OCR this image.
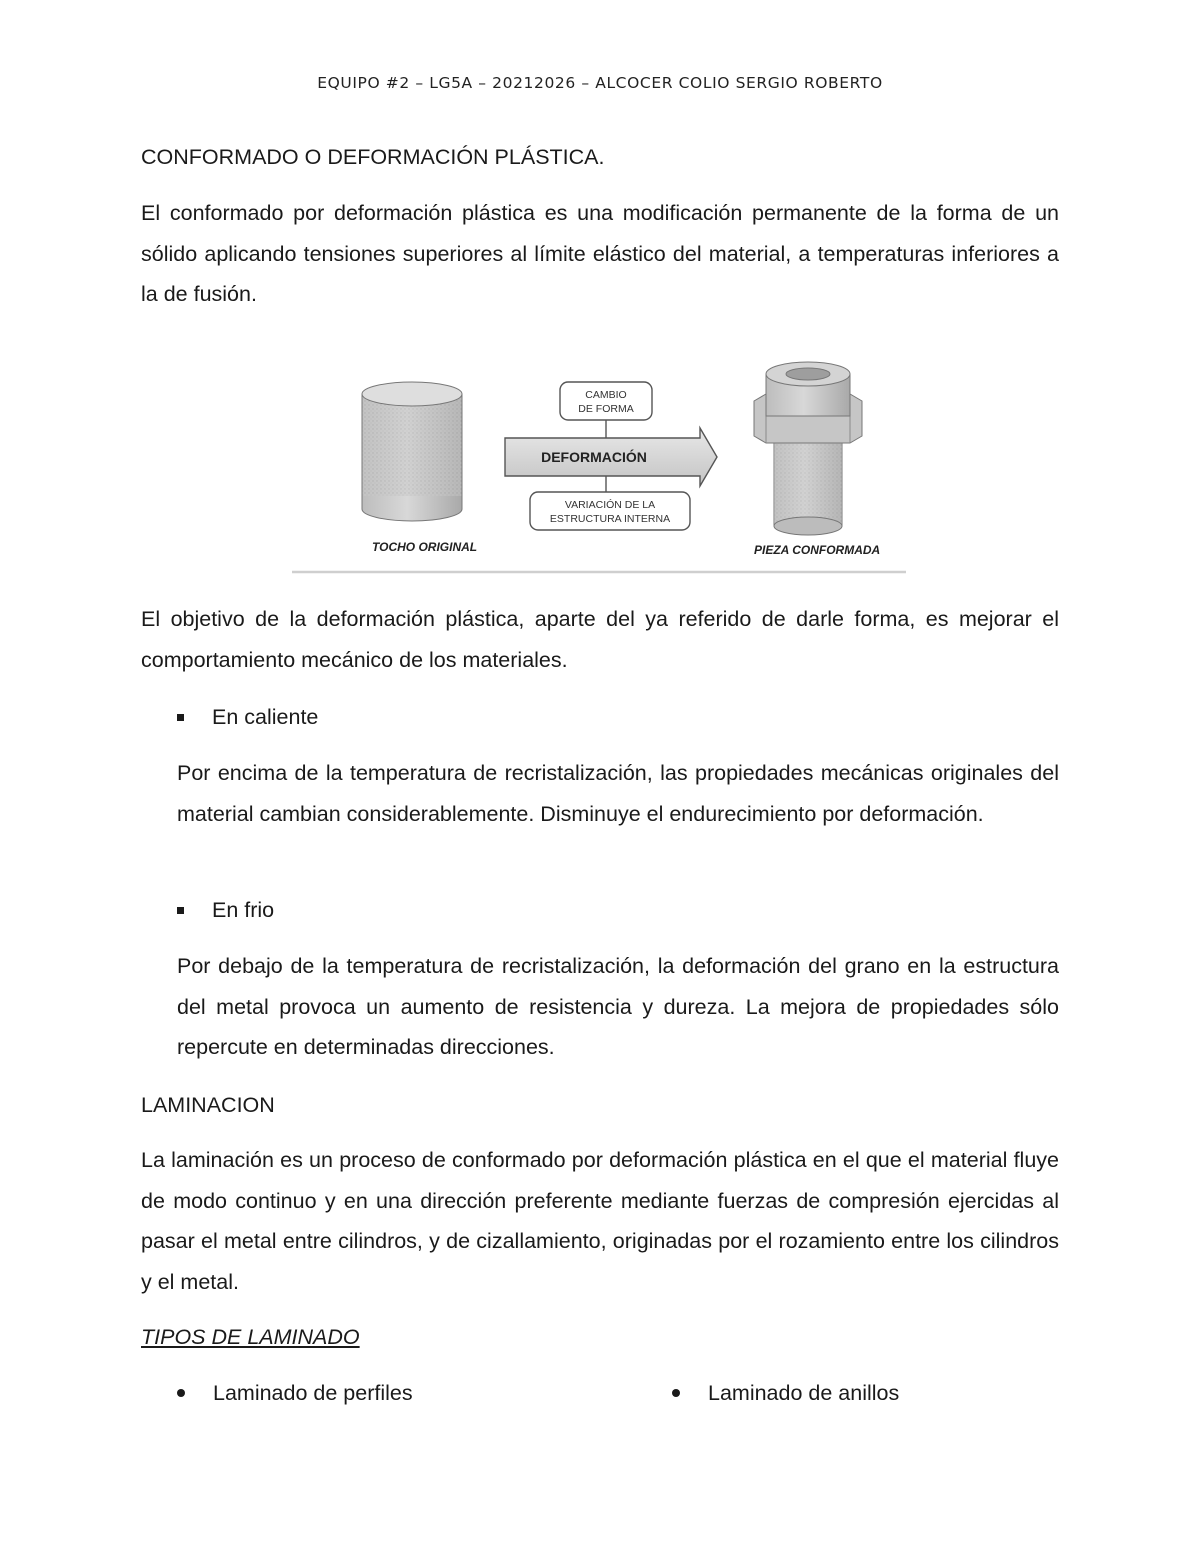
EQUIPO #2 – LG5A – 20212026 – ALCOCER COLIO SERGIO ROBERTO

CONFORMADO O DEFORMACIÓN PLÁSTICA.

El conformado por deformación plástica es una modificación permanente de la forma de un sólido aplicando tensiones superiores al límite elástico del material, a temperaturas inferiores a la de fusión.

TOCHO ORIGINAL
CAMBIO
DE FORMA
DEFORMACIÓN
VARIACIÓN DE LA
ESTRUCTURA INTERNA
PIEZA CONFORMADA

El objetivo de la deformación plástica, aparte del ya referido de darle forma, es mejorar el comportamiento mecánico de los materiales.

En caliente

Por encima de la temperatura de recristalización, las propiedades mecánicas originales del material cambian considerablemente. Disminuye el endurecimiento por deformación.

En frio

Por debajo de la temperatura de recristalización, la deformación del grano en la estructura del metal provoca un aumento de resistencia y dureza. La mejora de propiedades sólo repercute en determinadas direcciones.

LAMINACION

La laminación es un proceso de conformado por deformación plástica en el que el material fluye de modo continuo y en una dirección preferente mediante fuerzas de compresión ejercidas al pasar el metal entre cilindros, y de cizallamiento, originadas por el rozamiento entre los cilindros y el metal.

TIPOS DE LAMINADO

Laminado de perfiles	Laminado de anillos
